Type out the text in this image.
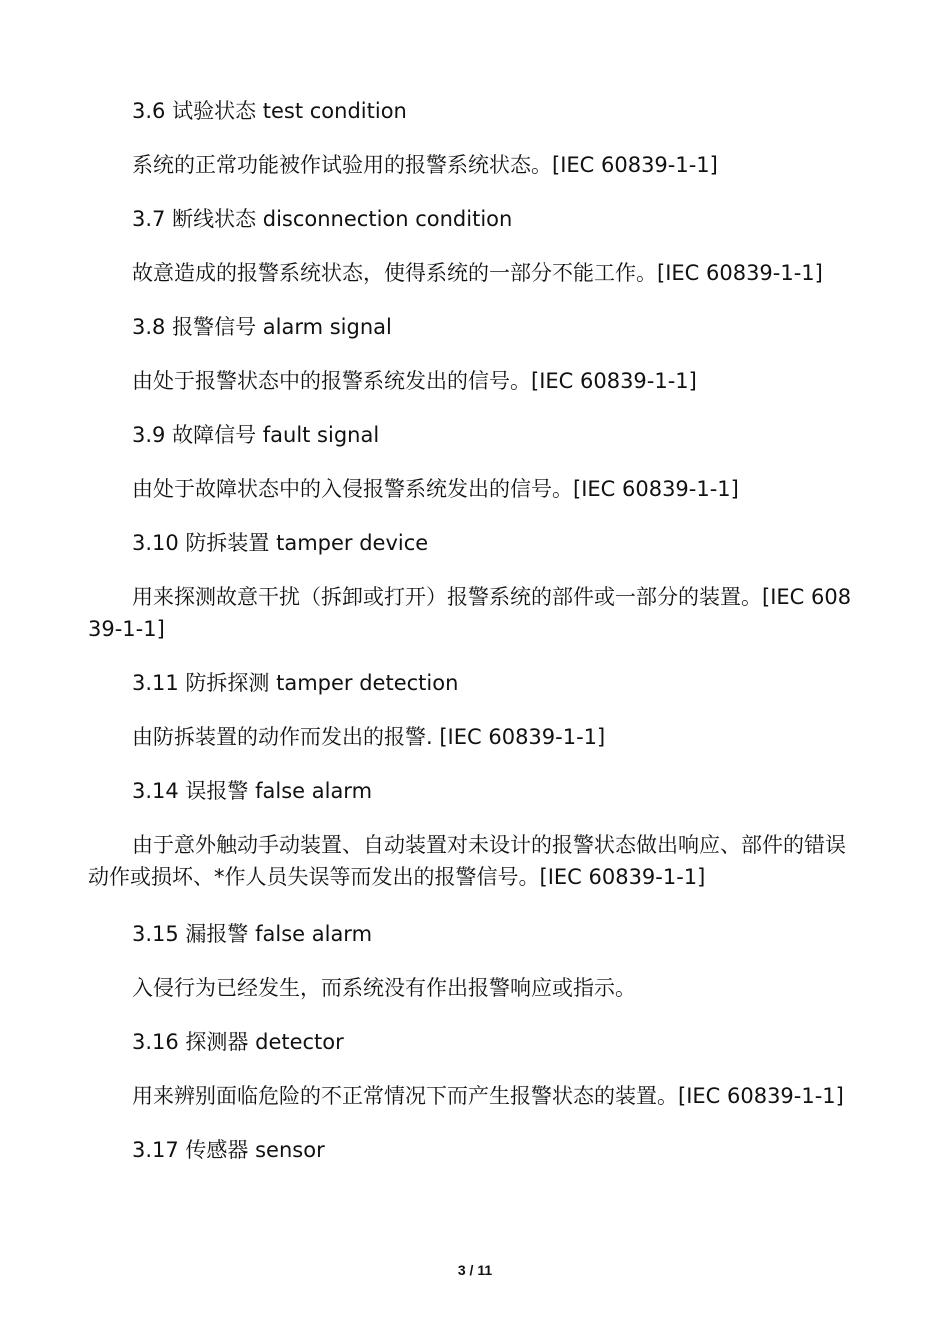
3.6 试验状态 test condition

系统的正常功能被作试验用的报警系统状态。[IEC 60839-1-1]

3.7 断线状态 disconnection condition

故意造成的报警系统状态，使得系统的一部分不能工作。[IEC 60839-1-1]

3.8 报警信号 alarm signal

由处于报警状态中的报警系统发出的信号。[IEC 60839-1-1]

3.9 故障信号 fault signal

由处于故障状态中的入侵报警系统发出的信号。[IEC 60839-1-1]

3.10 防拆装置 tamper device

用来探测故意干扰（拆卸或打开）报警系统的部件或一部分的装置。[IEC 60839-1-1]

3.11 防拆探测 tamper detection

由防拆装置的动作而发出的报警. [IEC 60839-1-1]

3.14 误报警 false alarm

由于意外触动手动装置、自动装置对未设计的报警状态做出响应、部件的错误动作或损坏、*作人员失误等而发出的报警信号。[IEC 60839-1-1]

3.15 漏报警 false alarm

入侵行为已经发生，而系统没有作出报警响应或指示。

3.16 探测器 detector

用来辨别面临危险的不正常情况下而产生报警状态的装置。[IEC 60839-1-1]

3.17 传感器 sensor

3 / 11
